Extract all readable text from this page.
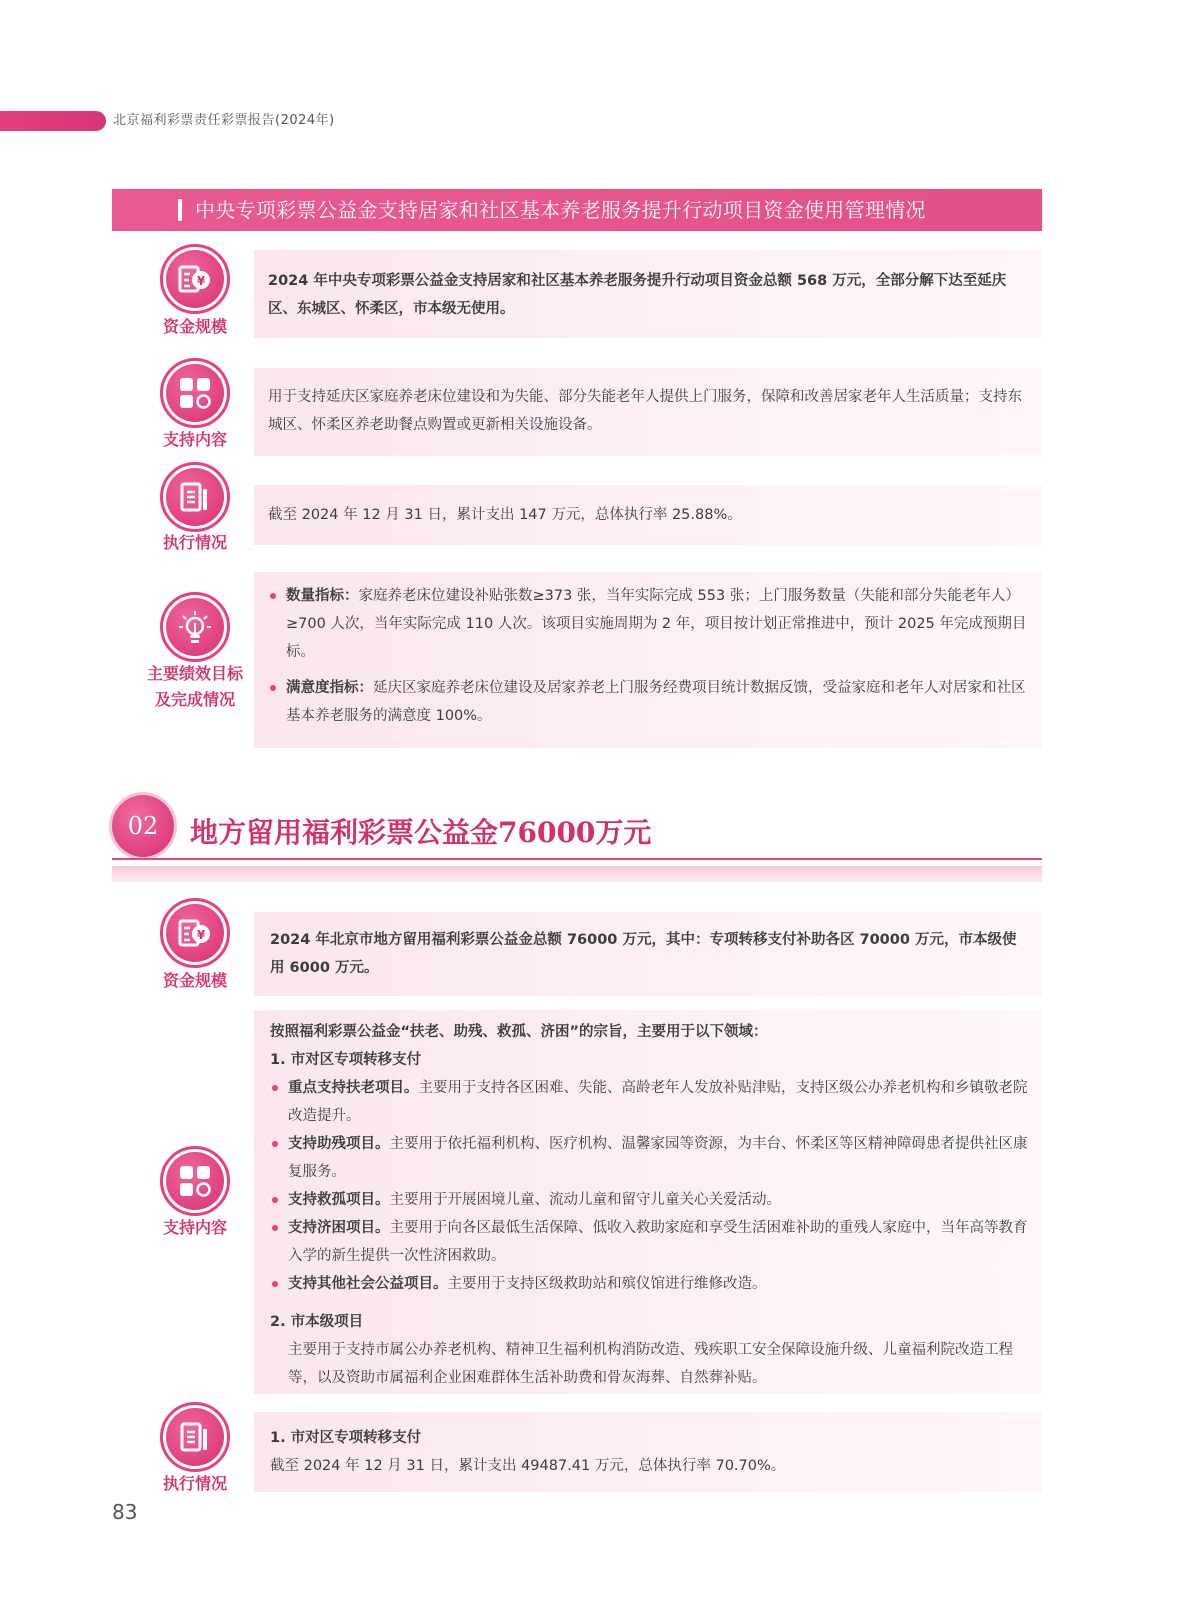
北京福利彩票责任彩票报告(2024年)
中央专项彩票公益金支持居家和社区基本养老服务提升行动项目资金使用管理情况
¥
资金规模
2024 年中央专项彩票公益金支持居家和社区基本养老服务提升行动项目资金总额 568 万元，全部分解下达至延庆区、东城区、怀柔区，市本级无使用。
支持内容
用于支持延庆区家庭养老床位建设和为失能、部分失能老年人提供上门服务，保障和改善居家老年人生活质量；支持东城区、怀柔区养老助餐点购置或更新相关设施设备。
执行情况
截至 2024 年 12 月 31 日，累计支出 147 万元，总体执行率 25.88%。
主要绩效目标
及完成情况
数量指标：家庭养老床位建设补贴张数≥373 张，当年实际完成 553 张；上门服务数量（失能和部分失能老年人）≥700 人次，当年实际完成 110 人次。该项目实施周期为 2 年，项目按计划正常推进中，预计 2025 年完成预期目标。
满意度指标：延庆区家庭养老床位建设及居家养老上门服务经费项目统计数据反馈，受益家庭和老年人对居家和社区基本养老服务的满意度 100%。
02	地方留用福利彩票公益金76000万元
¥
资金规模
2024 年北京市地方留用福利彩票公益金总额 76000 万元，其中：专项转移支付补助各区 70000 万元，市本级使用 6000 万元。
支持内容
按照福利彩票公益金“扶老、助残、救孤、济困”的宗旨，主要用于以下领域：
1. 市对区专项转移支付
重点支持扶老项目。主要用于支持各区困难、失能、高龄老年人发放补贴津贴，支持区级公办养老机构和乡镇敬老院改造提升。
支持助残项目。主要用于依托福利机构、医疗机构、温馨家园等资源，为丰台、怀柔区等区精神障碍患者提供社区康复服务。
支持救孤项目。主要用于开展困境儿童、流动儿童和留守儿童关心关爱活动。
支持济困项目。主要用于向各区最低生活保障、低收入救助家庭和享受生活困难补助的重残人家庭中，当年高等教育入学的新生提供一次性济困救助。
支持其他社会公益项目。主要用于支持区级救助站和殡仪馆进行维修改造。
2. 市本级项目
主要用于支持市属公办养老机构、精神卫生福利机构消防改造、残疾职工安全保障设施升级、儿童福利院改造工程等，以及资助市属福利企业困难群体生活补助费和骨灰海葬、自然葬补贴。
执行情况
1. 市对区专项转移支付
截至 2024 年 12 月 31 日，累计支出 49487.41 万元，总体执行率 70.70%。
83
